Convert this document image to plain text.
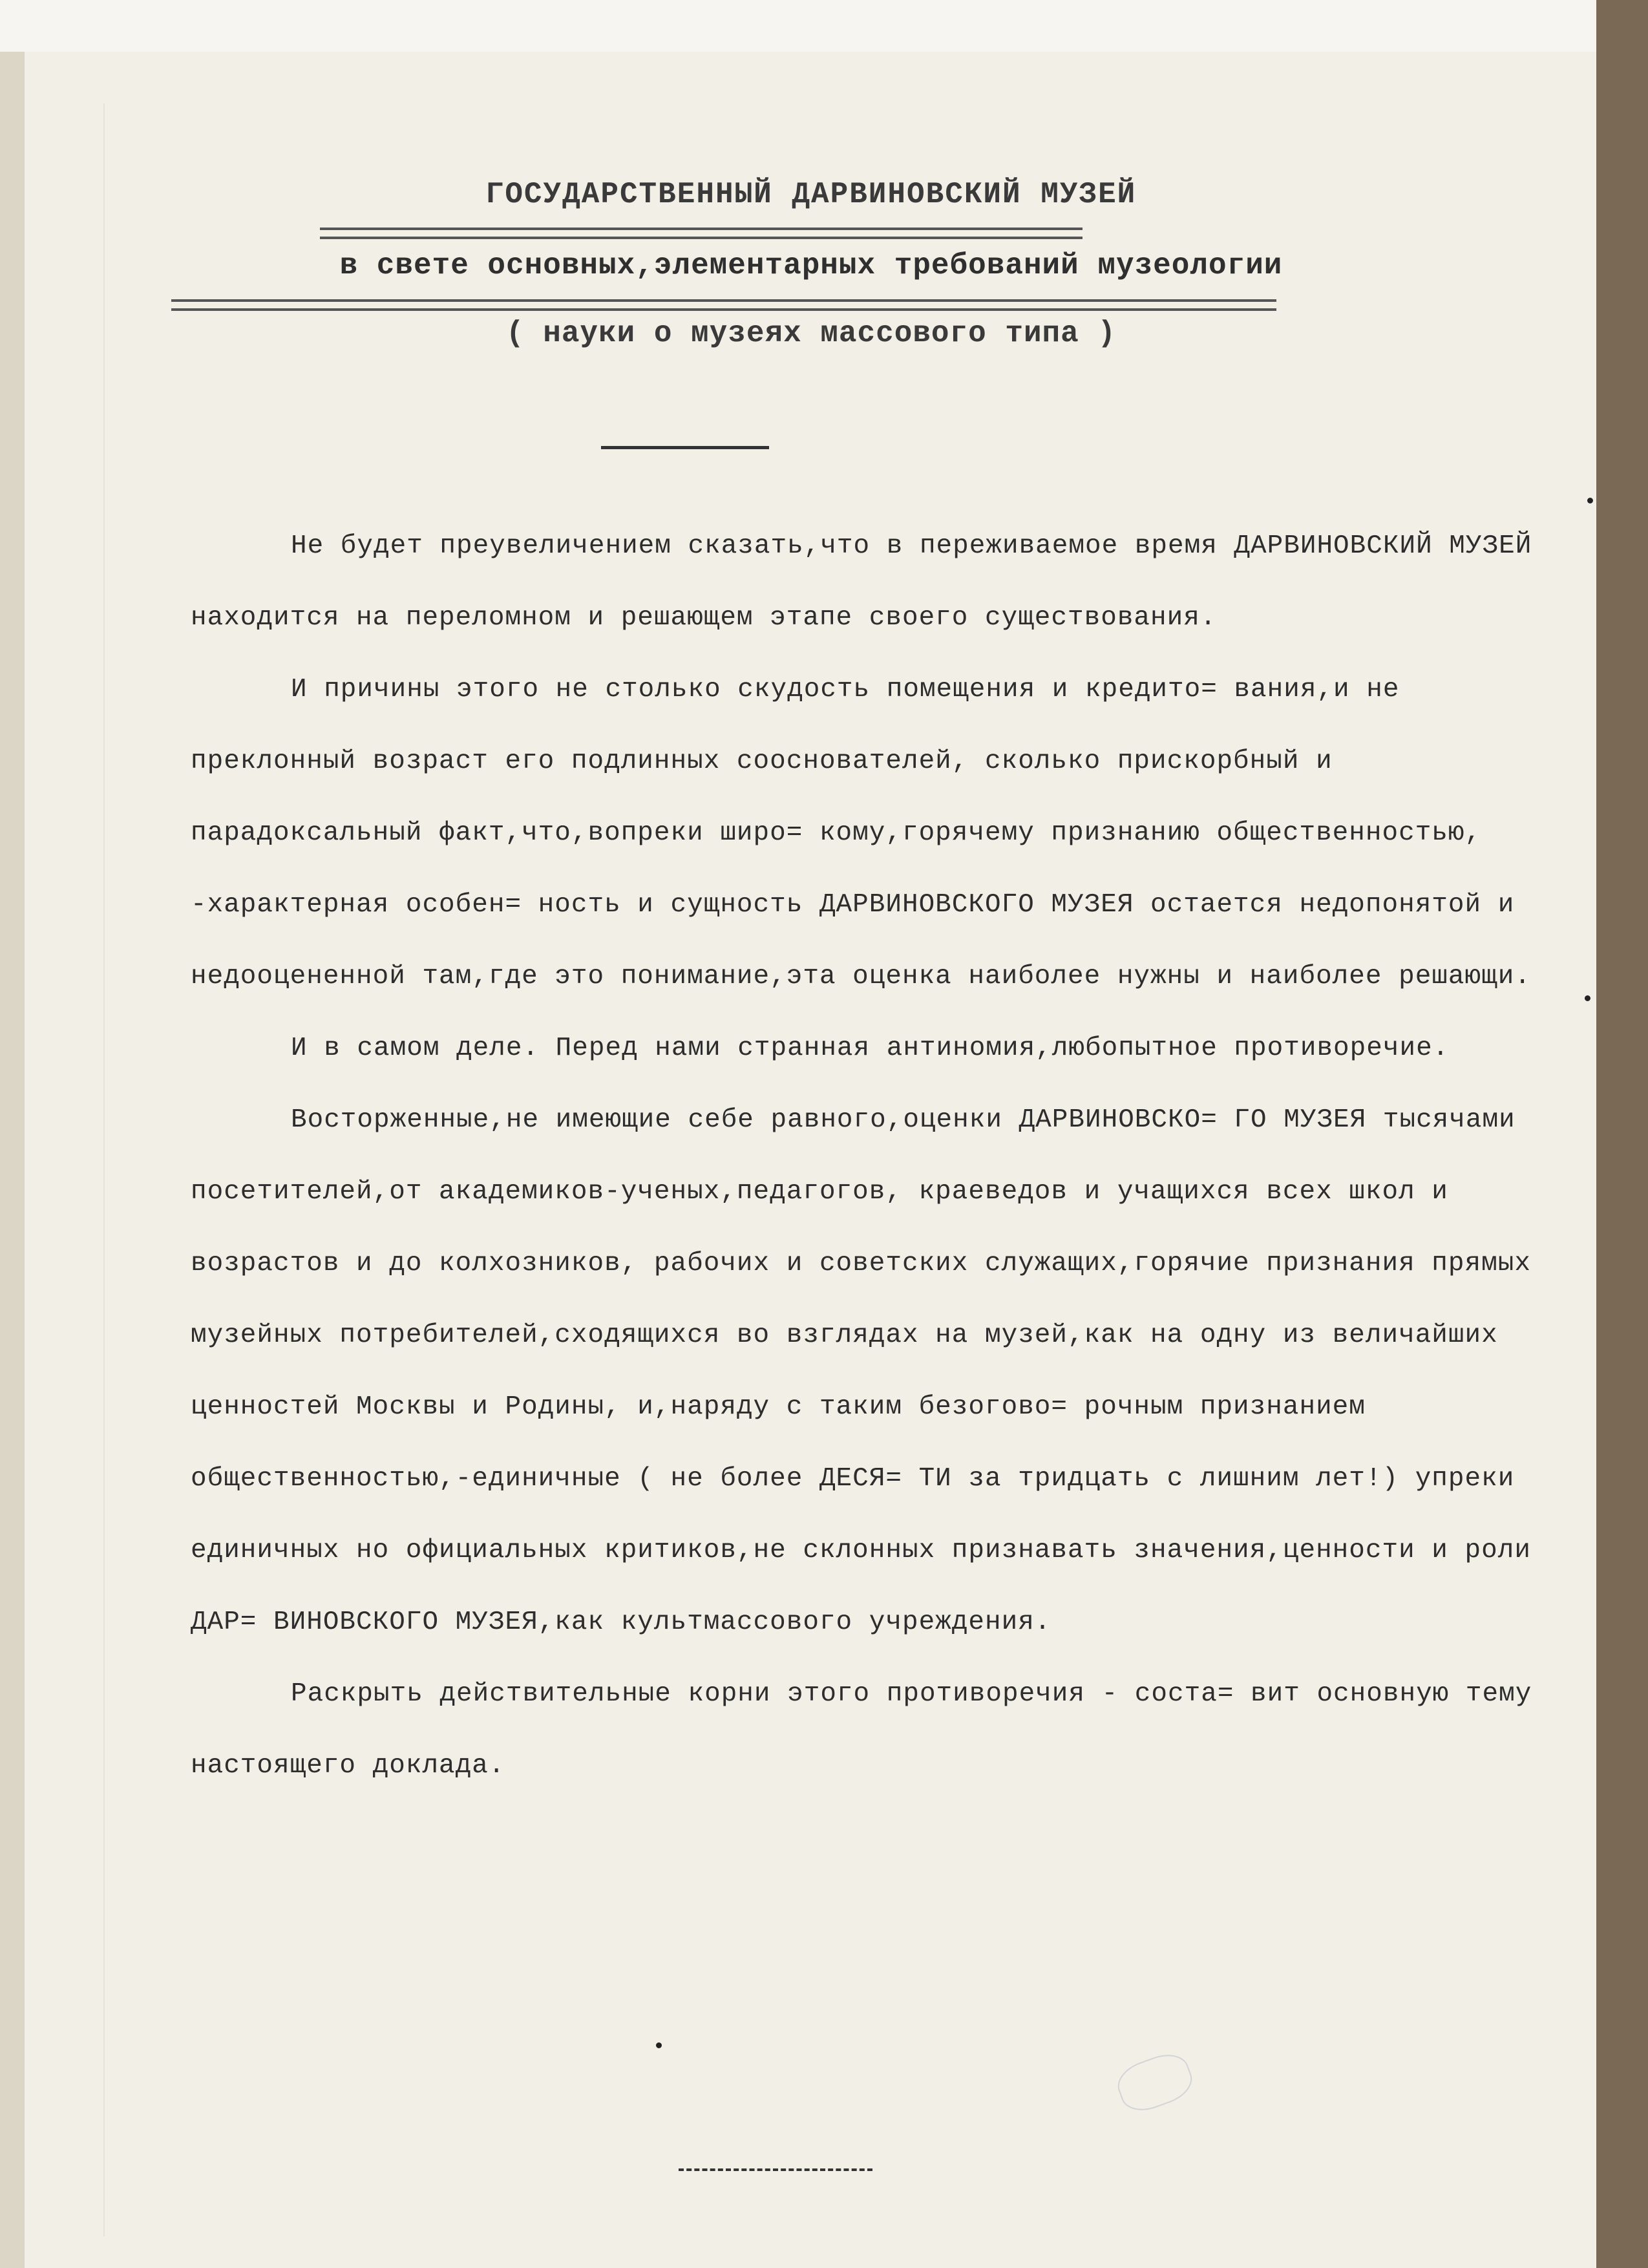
ГОСУДАРСТВЕННЫЙ ДАРВИНОВСКИЙ МУЗЕЙ
в свете основных,элементарных требований музеологии
( науки о музеях массового типа )

Не будет преувеличением сказать,что в переживаемое время ДАРВИНОВСКИЙ МУЗЕЙ находится на переломном и решающем этапе своего существования.

И причины этого не столько скудость помещения и кредито= вания,и не преклонный возраст его подлинных сооснователей, сколько прискорбный и парадоксальный факт,что,вопреки широ= кому,горячему признанию общественностью, -характерная особен= ность и сущность ДАРВИНОВСКОГО МУЗЕЯ остается недопонятой и недооцененной там,где это понимание,эта оценка наиболее нужны и наиболее решающи.

И в самом деле. Перед нами странная антиномия,любопытное противоречие.

Восторженные,не имеющие себе равного,оценки ДАРВИНОВСКО= ГО МУЗЕЯ тысячами посетителей,от академиков-ученых,педагогов, краеведов и учащихся всех школ и возрастов и до колхозников, рабочих и советских служащих,горячие признания прямых музейных потребителей,сходящихся во взглядах на музей,как на одну из величайших ценностей Москвы и Родины, и,наряду с таким безогово= рочным признанием общественностью,-единичные ( не более ДЕСЯ= ТИ за тридцать с лишним лет!) упреки единичных но официальных критиков,не склонных признавать значения,ценности и роли ДАР= ВИНОВСКОГО МУЗЕЯ,как культмассового учреждения.

Раскрыть действительные корни этого противоречия - соста= вит основную тему настоящего доклада.
